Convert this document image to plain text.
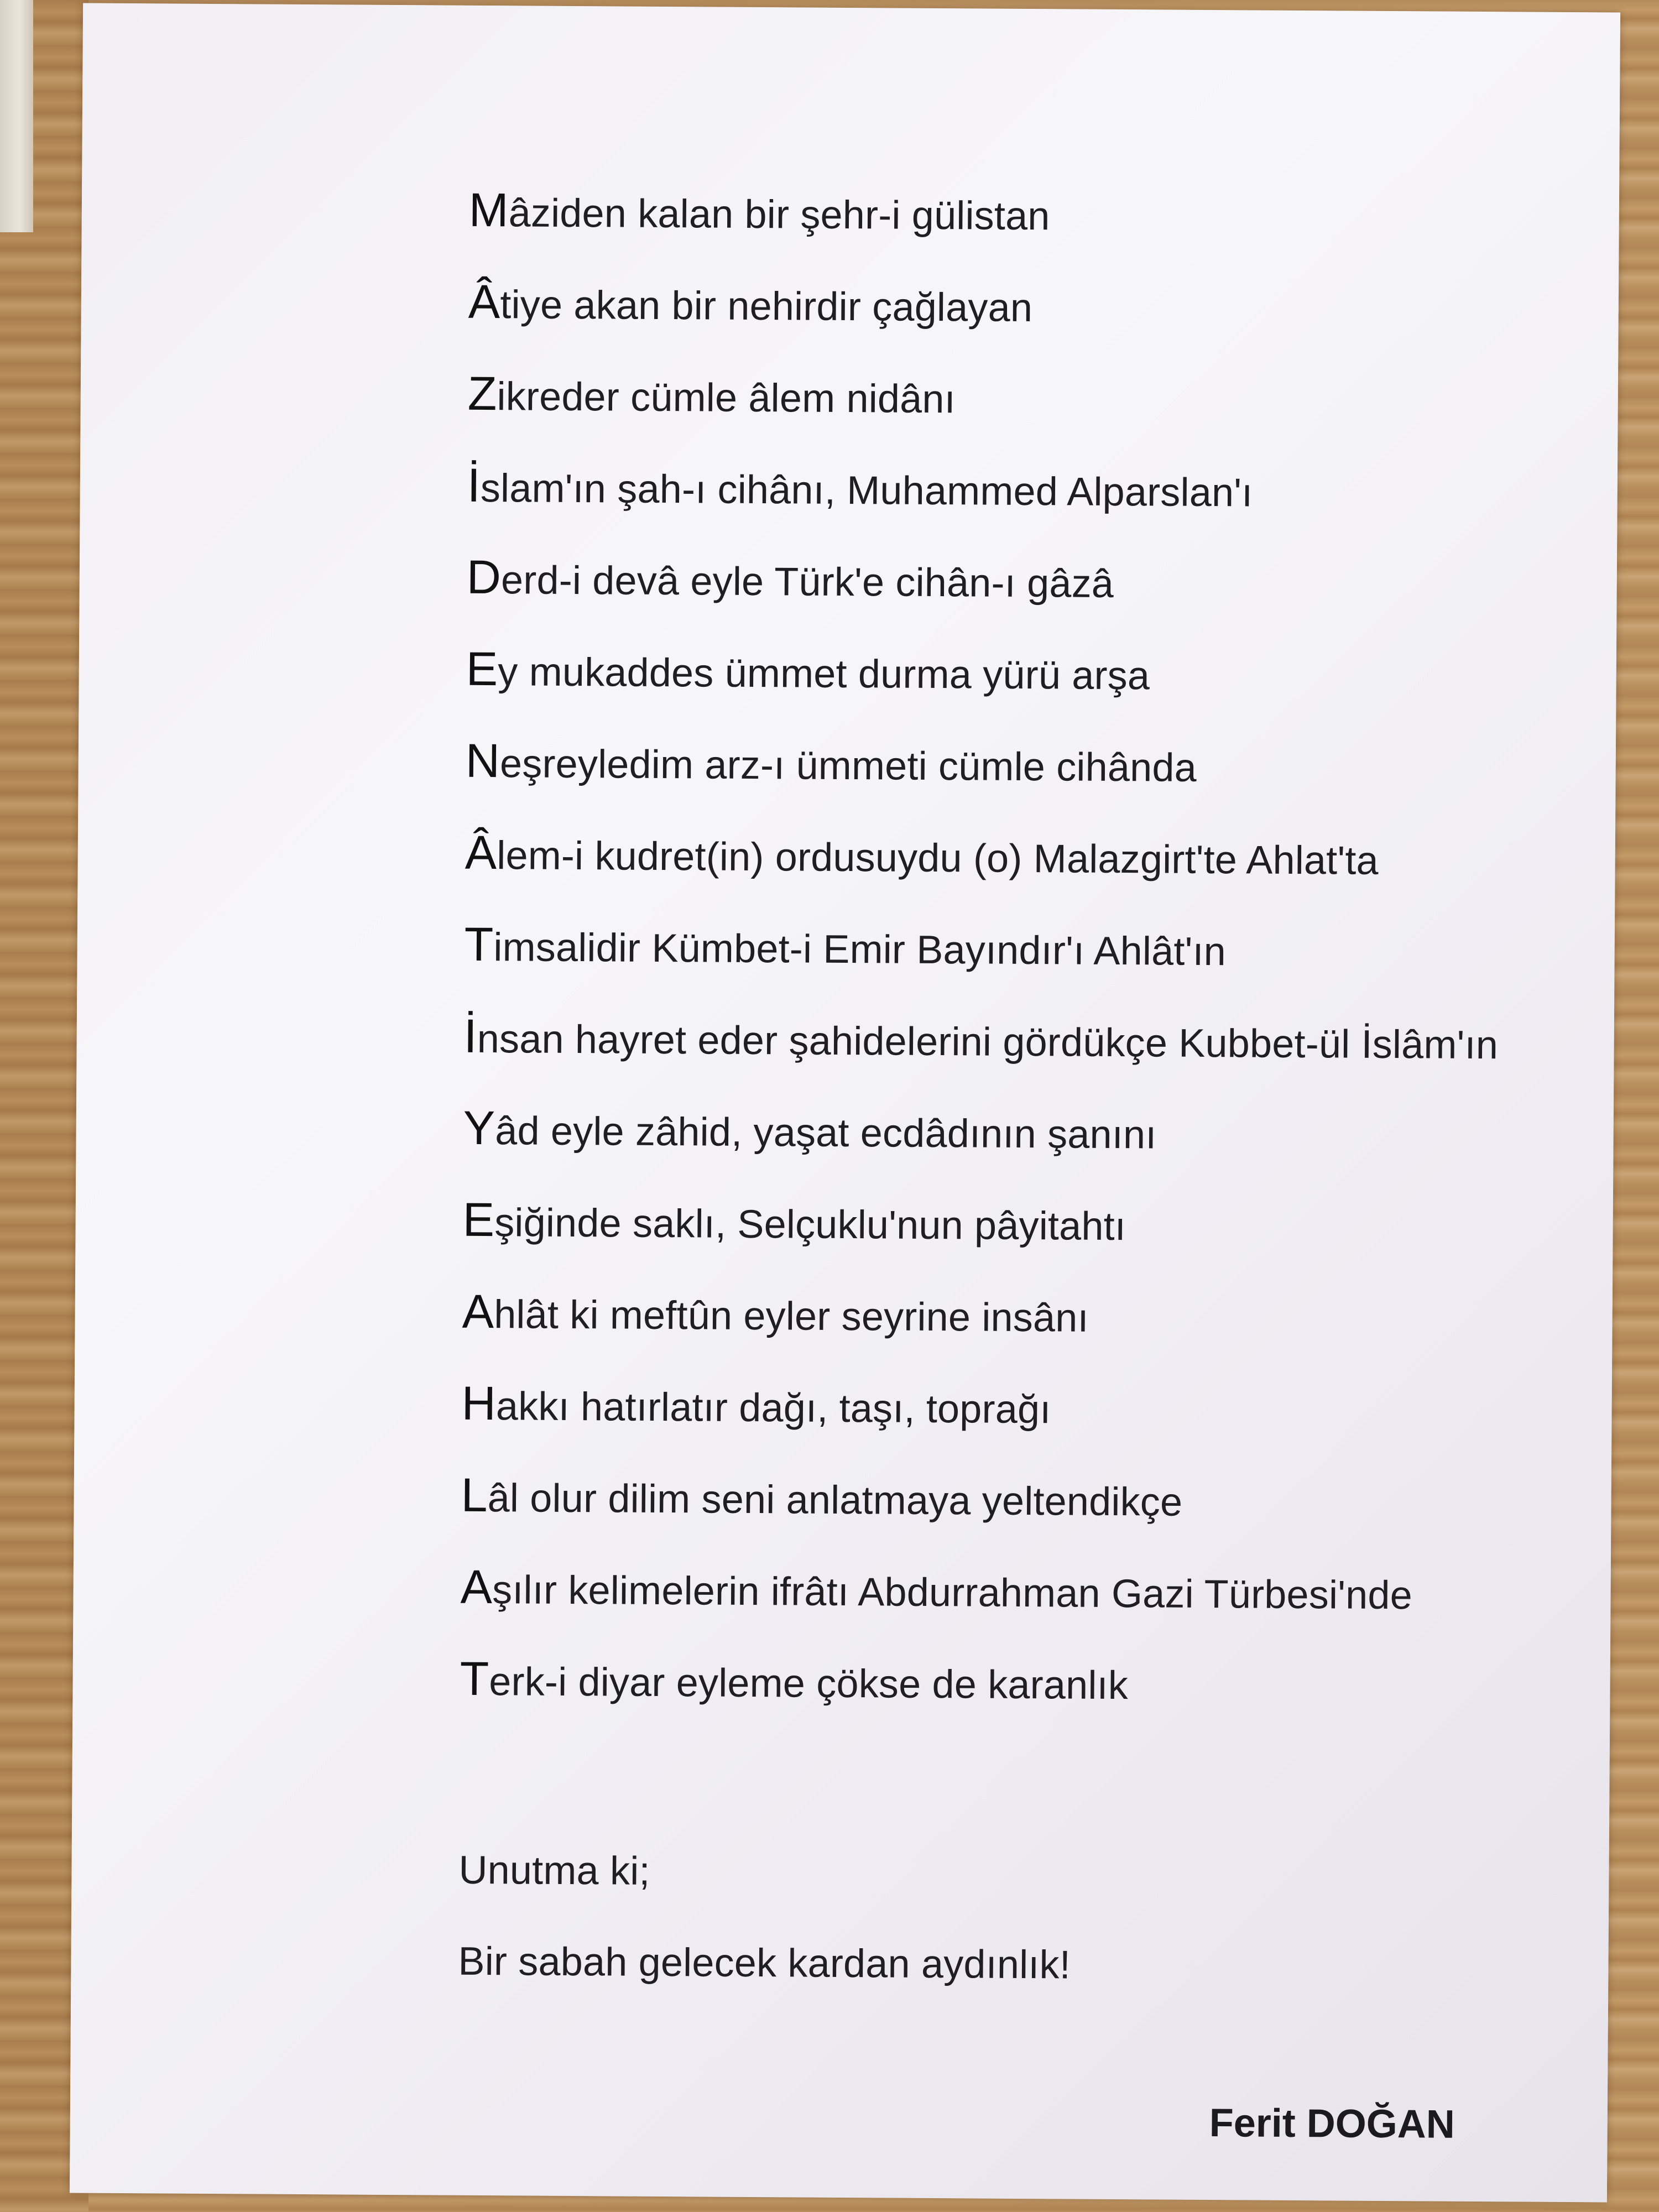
Mâziden kalan bir şehr-i gülistan
Âtiye akan bir nehirdir çağlayan
Zikreder cümle âlem nidânı
İslam'ın şah-ı cihânı, Muhammed Alparslan'ı
Derd-i devâ eyle Türk'e cihân-ı gâzâ
Ey mukaddes ümmet durma yürü arşa
Neşreyledim arz-ı ümmeti cümle cihânda
Âlem-i kudret(in) ordusuydu (o) Malazgirt'te Ahlat'ta
Timsalidir Kümbet-i Emir Bayındır'ı Ahlât'ın
İnsan hayret eder şahidelerini gördükçe Kubbet-ül İslâm'ın
Yâd eyle zâhid, yaşat ecdâdının şanını
Eşiğinde saklı, Selçuklu'nun pâyitahtı
Ahlât ki meftûn eyler seyrine insânı
Hakkı hatırlatır dağı, taşı, toprağı
Lâl olur dilim seni anlatmaya yeltendikçe
Aşılır kelimelerin ifrâtı Abdurrahman Gazi Türbesi'nde
Terk-i diyar eyleme çökse de karanlık
Unutma ki;
Bir sabah gelecek kardan aydınlık!
Ferit DOĞAN
